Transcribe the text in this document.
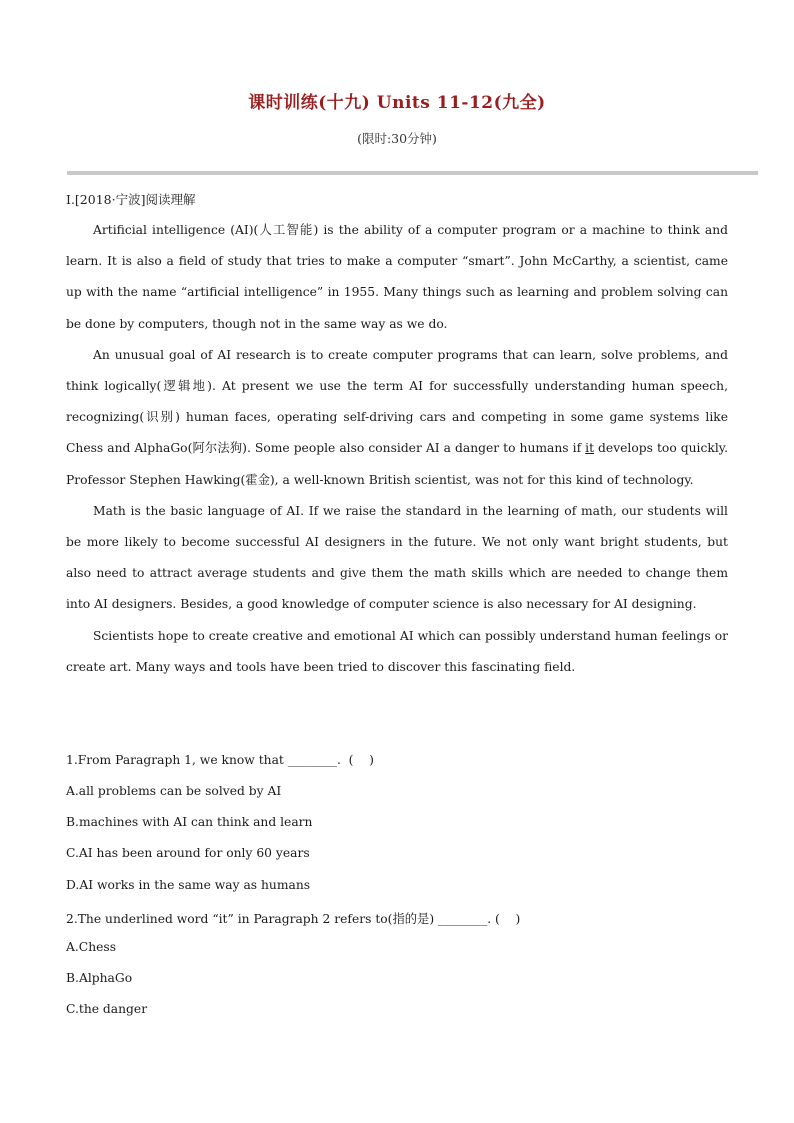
课时训练(十九) Units 11-12(九全)
(限时:30分钟)
Ⅰ.[2018·宁波]阅读理解

Artificial intelligence (AI)(人工智能) is the ability of a computer program or a machine to think and learn. It is also a field of study that tries to make a computer “smart”. John McCarthy, a scientist, came up with the name “artificial intelligence” in 1955. Many things such as learning and problem solving can be done by computers, though not in the same way as we do.

An unusual goal of AI research is to create computer programs that can learn, solve problems, and think logically(逻辑地). At present we use the term AI for successfully understanding human speech, recognizing(识别) human faces, operating self-driving cars and competing in some game systems like Chess and AlphaGo(阿尔法狗). Some people also consider AI a danger to humans if it develops too quickly. Professor Stephen Hawking(霍金), a well-known British scientist, was not for this kind of technology.

Math is the basic language of AI. If we raise the standard in the learning of math, our students will be more likely to become successful AI designers in the future. We not only want bright students, but also need to attract average students and give them the math skills which are needed to change them into AI designers. Besides, a good knowledge of computer science is also necessary for AI designing.

Scientists hope to create creative and emotional AI which can possibly understand human feelings or create art. Many ways and tools have been tried to discover this fascinating field.

1.From Paragraph 1, we know that ________.  (    )
A.all problems can be solved by AI
B.machines with AI can think and learn
C.AI has been around for only 60 years
D.AI works in the same way as humans
2.The underlined word “it” in Paragraph 2 refers to(指的是) ________. (    )
A.Chess
B.AlphaGo
C.the danger
